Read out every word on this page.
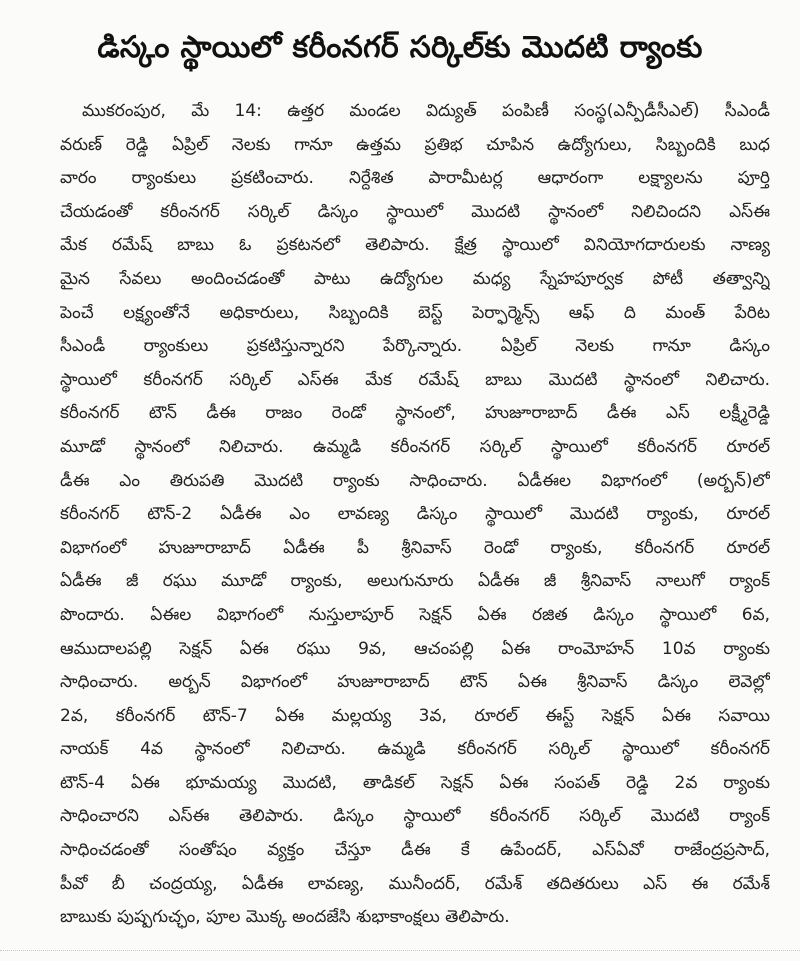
డిస్కం స్థాయిలో కరీంనగర్ సర్కిల్‌కు మొదటి ర్యాంకు
ముకరంపుర, మే 14: ఉత్తర మండల విద్యుత్ పంపిణీ సంస్థ(ఎన్పీడీసీఎల్) సీఎండీ
వరుణ్ రెడ్డి ఏప్రిల్ నెలకు గానూ ఉత్తమ ప్రతిభ చూపిన ఉద్యోగులు, సిబ్బందికి బుధ
వారం ర్యాంకులు ప్రకటించారు. నిర్దేశిత పారామీటర్ల ఆధారంగా లక్ష్యాలను పూర్తి
చేయడంతో కరీంనగర్ సర్కిల్ డిస్కం స్థాయిలో మొదటి స్థానంలో నిలిచిందని ఎస్ఈ
మేక రమేష్ బాబు ఓ ప్రకటనలో తెలిపారు. క్షేత్ర స్థాయిలో వినియోగదారులకు నాణ్య
మైన సేవలు అందించడంతో పాటు ఉద్యోగుల మధ్య స్నేహపూర్వక పోటీ తత్వాన్ని
పెంచే లక్ష్యంతోనే అధికారులు, సిబ్బందికి బెస్ట్ పెర్ఫార్మెన్స్ ఆఫ్ ది మంత్ పేరిట
సీఎండీ ర్యాంకులు ప్రకటిస్తున్నారని పేర్కొన్నారు. ఏప్రిల్ నెలకు గానూ డిస్కం
స్థాయిలో కరీంనగర్ సర్కిల్ ఎస్ఈ మేక రమేష్ బాబు మొదటి స్థానంలో నిలిచారు.
కరీంనగర్ టౌన్ డీఈ రాజం రెండో స్థానంలో, హుజూరాబాద్ డీఈ ఎస్ లక్ష్మీరెడ్డి
మూడో స్థానంలో నిలిచారు. ఉమ్మడి కరీంనగర్ సర్కిల్ స్థాయిలో కరీంనగర్ రూరల్
డీఈ ఎం తిరుపతి మొదటి ర్యాంకు సాధించారు. ఏడీఈల విభాగంలో (అర్బన్)లో
కరీంనగర్ టౌన్-2 ఏడీఈ ఎం లావణ్య డిస్కం స్థాయిలో మొదటి ర్యాంకు, రూరల్
విభాగంలో హుజూరాబాద్ ఏడీఈ పీ శ్రీనివాస్ రెండో ర్యాంకు, కరీంనగర్ రూరల్
ఏడీఈ జీ రఘు మూడో ర్యాంకు, అలుగునూరు ఏడీఈ జీ శ్రీనివాస్ నాలుగో ర్యాంక్
పొందారు. ఏఈల విభాగంలో నుస్తులాపూర్ సెక్షన్ ఏఈ రజిత డిస్కం స్థాయిలో 6వ,
ఆముదాలపల్లి సెక్షన్ ఏఈ రఘు 9వ, ఆచంపల్లి ఏఈ రాంమోహన్ 10వ ర్యాంకు
సాధించారు. అర్బన్ విభాగంలో హుజూరాబాద్ టౌన్ ఏఈ శ్రీనివాస్ డిస్కం లెవెల్లో
2వ, కరీంనగర్ టౌన్-7 ఏఈ మల్లయ్య 3వ, రూరల్ ఈస్ట్ సెక్షన్ ఏఈ సవాయి
నాయక్ 4వ స్థానంలో నిలిచారు. ఉమ్మడి కరీంనగర్ సర్కిల్ స్థాయిలో కరీంనగర్
టౌన్-4 ఏఈ భూమయ్య మొదటి, తాడికల్ సెక్షన్ ఏఈ సంపత్ రెడ్డి 2వ ర్యాంకు
సాధించారని ఎస్ఈ తెలిపారు. డిస్కం స్థాయిలో కరీంనగర్ సర్కిల్ మొదటి ర్యాంక్
సాధించడంతో సంతోషం వ్యక్తం చేస్తూ డీఈ కే ఉపేందర్, ఎస్ఏవో రాజేంద్రప్రసాద్,
పీవో బీ చంద్రయ్య, ఏడీఈ లావణ్య, మునీందర్, రమేశ్ తదితరులు ఎస్ ఈ రమేశ్
బాబుకు పుష్పగుచ్ఛం, పూల మొక్క అందజేసి శుభాకాంక్షలు తెలిపారు.
